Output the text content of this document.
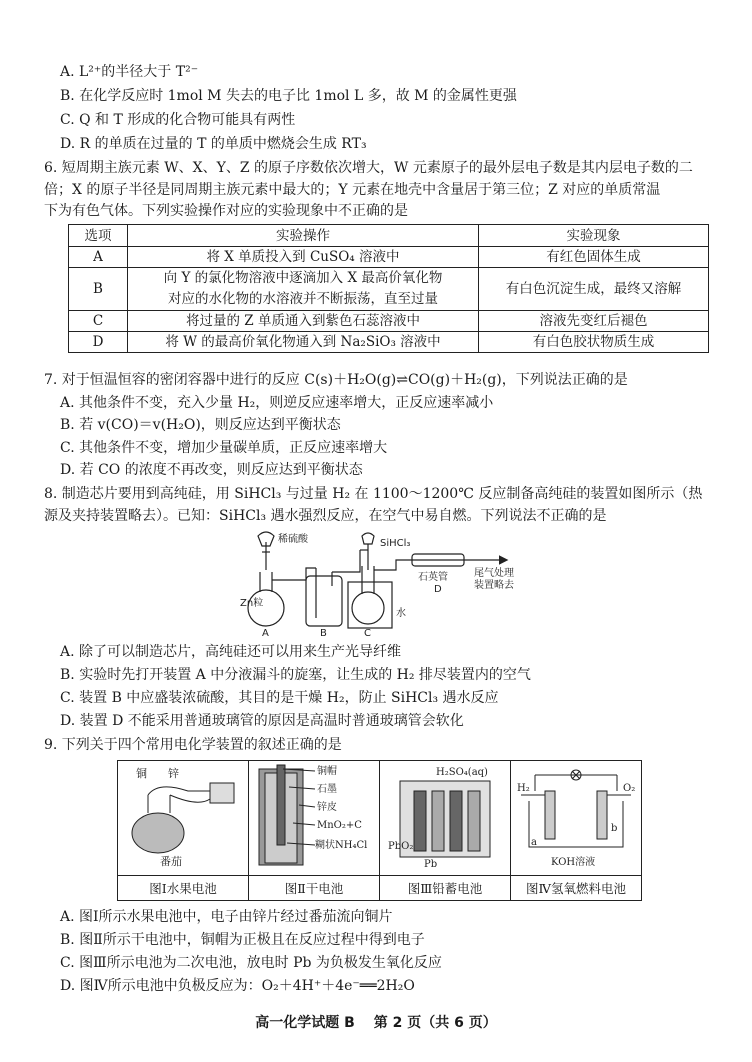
A. L²⁺的半径大于 T²⁻
B. 在化学反应时 1mol M 失去的电子比 1mol L 多，故 M 的金属性更强
C. Q 和 T 形成的化合物可能具有两性
D. R 的单质在过量的 T 的单质中燃烧会生成 RT₃
6. 短周期主族元素 W、X、Y、Z 的原子序数依次增大，W 元素原子的最外层电子数是其内层电子数的二
倍；X 的原子半径是同周期主族元素中最大的；Y 元素在地壳中含量居于第三位；Z 对应的单质常温
下为有色气体。下列实验操作对应的实验现象中不正确的是
选项	实验操作	实验现象
A	将 X 单质投入到 CuSO₄ 溶液中	有红色固体生成
B	向 Y 的氯化物溶液中逐滴加入 X 最高价氧化物
对应的水化物的水溶液并不断振荡，直至过量	有白色沉淀生成，最终又溶解
C	将过量的 Z 单质通入到紫色石蕊溶液中	溶液先变红后褪色
D	将 W 的最高价氧化物通入到 Na₂SiO₃ 溶液中	有白色胶状物质生成
7. 对于恒温恒容的密闭容器中进行的反应 C(s)＋H₂O(g)⇌CO(g)＋H₂(g)，下列说法正确的是
A. 其他条件不变，充入少量 H₂，则逆反应速率增大，正反应速率减小
B. 若 v(CO)＝v(H₂O)，则反应达到平衡状态
C. 其他条件不变，增加少量碳单质，正反应速率增大
D. 若 CO 的浓度不再改变，则反应达到平衡状态
8. 制造芯片要用到高纯硅，用 SiHCl₃ 与过量 H₂ 在 1100～1200℃ 反应制备高纯硅的装置如图所示（热
源及夹持装置略去）。已知：SiHCl₃ 遇水强烈反应，在空气中易自燃。下列说法不正确的是
稀硫酸	SiHCl₃
Zn粒
石英管
D
尾气处理
装置略去
水
A	B	C
A. 除了可以制造芯片，高纯硅还可以用来生产光导纤维
B. 实验时先打开装置 A 中分液漏斗的旋塞，让生成的 H₂ 排尽装置内的空气
C. 装置 B 中应盛装浓硫酸，其目的是干燥 H₂，防止 SiHCl₃ 遇水反应
D. 装置 D 不能采用普通玻璃管的原因是高温时普通玻璃管会软化
9. 下列关于四个常用电化学装置的叙述正确的是
铜 锌
番茄	铜帽
石墨
锌皮
MnO₂+C
糊状NH₄Cl	H₂SO₄(aq)
PbO₂
Pb	H₂ O₂
a
b
KOH溶液

图Ⅰ水果电池	图Ⅱ干电池	图Ⅲ铅蓄电池	图Ⅳ氢氧燃料电池
A. 图Ⅰ所示水果电池中，电子由锌片经过番茄流向铜片
B. 图Ⅱ所示干电池中，铜帽为正极且在反应过程中得到电子
C. 图Ⅲ所示电池为二次电池，放电时 Pb 为负极发生氧化反应
D. 图Ⅳ所示电池中负极反应为：O₂＋4H⁺＋4e⁻══2H₂O
高一化学试题 B　 第 2 页（共 6 页）
